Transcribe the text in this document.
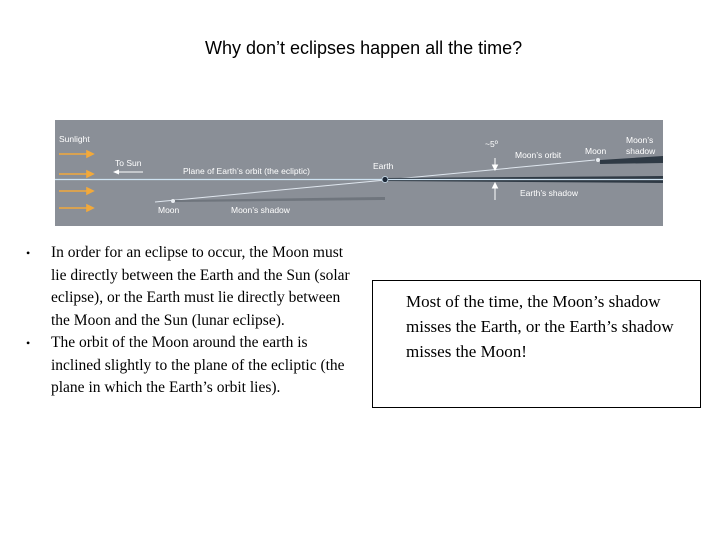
Why don’t eclipses happen all the time?
Sunlight
To Sun
Plane of Earth’s orbit (the ecliptic)	Earth
~5º
Moon’s orbit	Moon
Moon’s
shadow
Earth’s shadow
Moon	Moon’s shadow
• In order for an eclipse to occur, the Moon must lie directly between the Earth and the Sun (solar eclipse), or the Earth must lie directly between the Moon and the Sun (lunar eclipse).
• The orbit of the Moon around the earth is inclined slightly to the plane of the ecliptic (the plane in which the Earth’s orbit lies).
Most of the time, the Moon’s shadow misses the Earth, or the Earth’s shadow misses the Moon!
